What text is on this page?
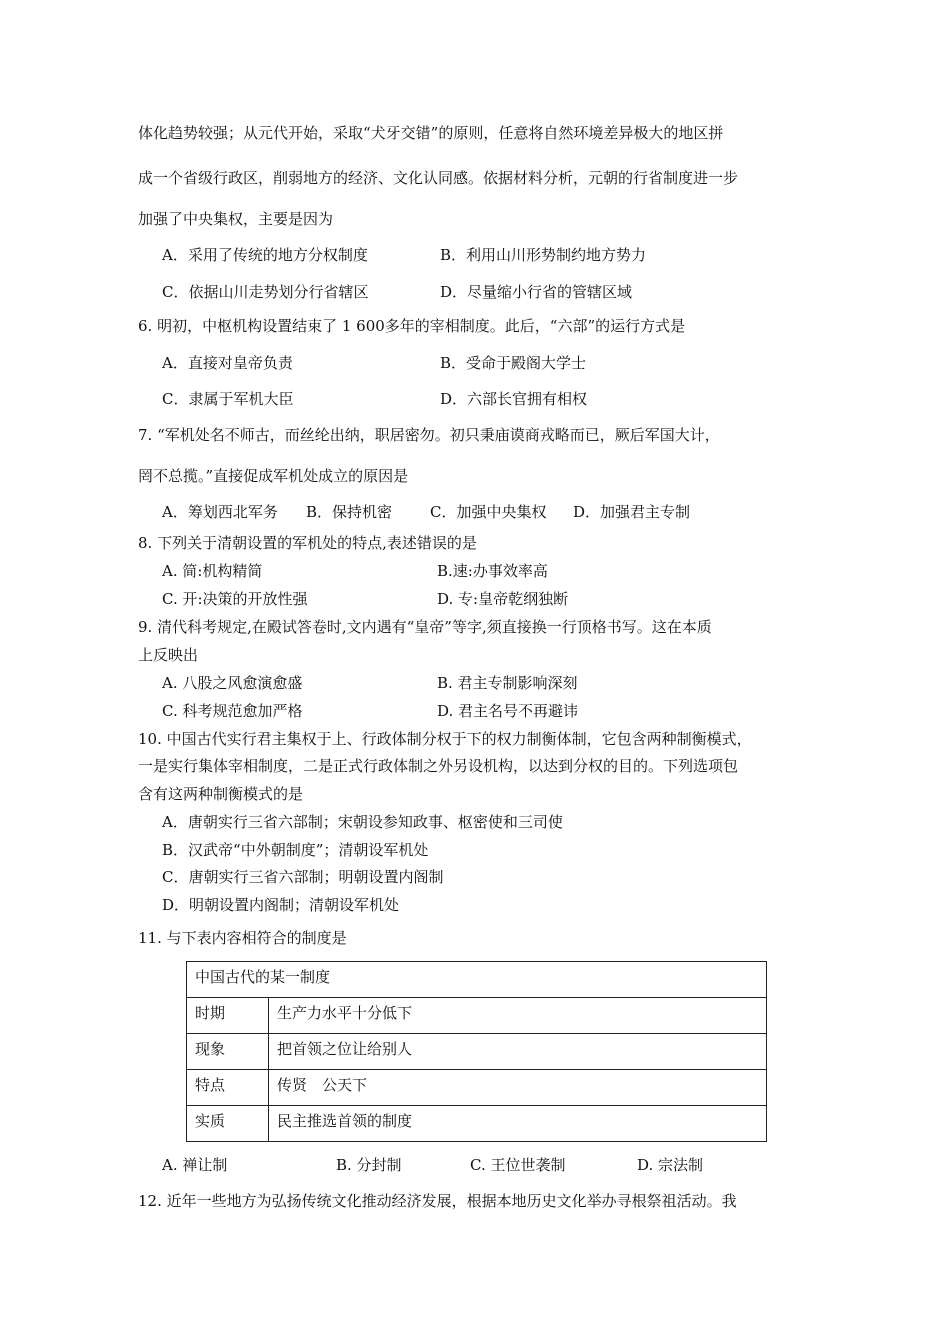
体化趋势较强；从元代开始，采取“犬牙交错”的原则，任意将自然环境差异极大的地区拼
成一个省级行政区，削弱地方的经济、文化认同感。依据材料分析，元朝的行省制度进一步
加强了中央集权，主要是因为
A．采用了传统的地方分权制度	B．利用山川形势制约地方势力
C．依据山川走势划分行省辖区	D．尽量缩小行省的管辖区域
6. 明初，中枢机构设置结束了 1 600多年的宰相制度。此后，“六部”的运行方式是
A．直接对皇帝负责	B．受命于殿阁大学士
C．隶属于军机大臣	D．六部长官拥有相权
7. “军机处名不师古，而丝纶出纳，职居密勿。初只秉庙谟商戎略而已，厥后军国大计，
罔不总揽。”直接促成军机处成立的原因是
A．筹划西北军务 B．保持机密	C．加强中央集权 D．加强君主专制
8. 下列关于清朝设置的军机处的特点,表述错误的是
A. 简:机构精简	B.速:办事效率高
C. 开:决策的开放性强	D. 专:皇帝乾纲独断
9. 清代科考规定,在殿试答卷时,文内遇有“皇帝”等字,须直接换一行顶格书写。这在本质
上反映出
A. 八股之风愈演愈盛	B. 君主专制影响深刻
C. 科考规范愈加严格	D. 君主名号不再避讳
10. 中国古代实行君主集权于上、行政体制分权于下的权力制衡体制，它包含两种制衡模式，
一是实行集体宰相制度，二是正式行政体制之外另设机构，以达到分权的目的。下列选项包
含有这两种制衡模式的是
A．唐朝实行三省六部制；宋朝设参知政事、枢密使和三司使
B．汉武帝“中外朝制度”；清朝设军机处
C．唐朝实行三省六部制；明朝设置内阁制
D．明朝设置内阁制；清朝设军机处
11. 与下表内容相符合的制度是
中国古代的某一制度	
时期	生产力水平十分低下
现象	把首领之位让给别人
特点	传贤　公天下
实质	民主推选首领的制度
A. 禅让制	B. 分封制	C. 王位世袭制	D. 宗法制
12. 近年一些地方为弘扬传统文化推动经济发展，根据本地历史文化举办寻根祭祖活动。我
